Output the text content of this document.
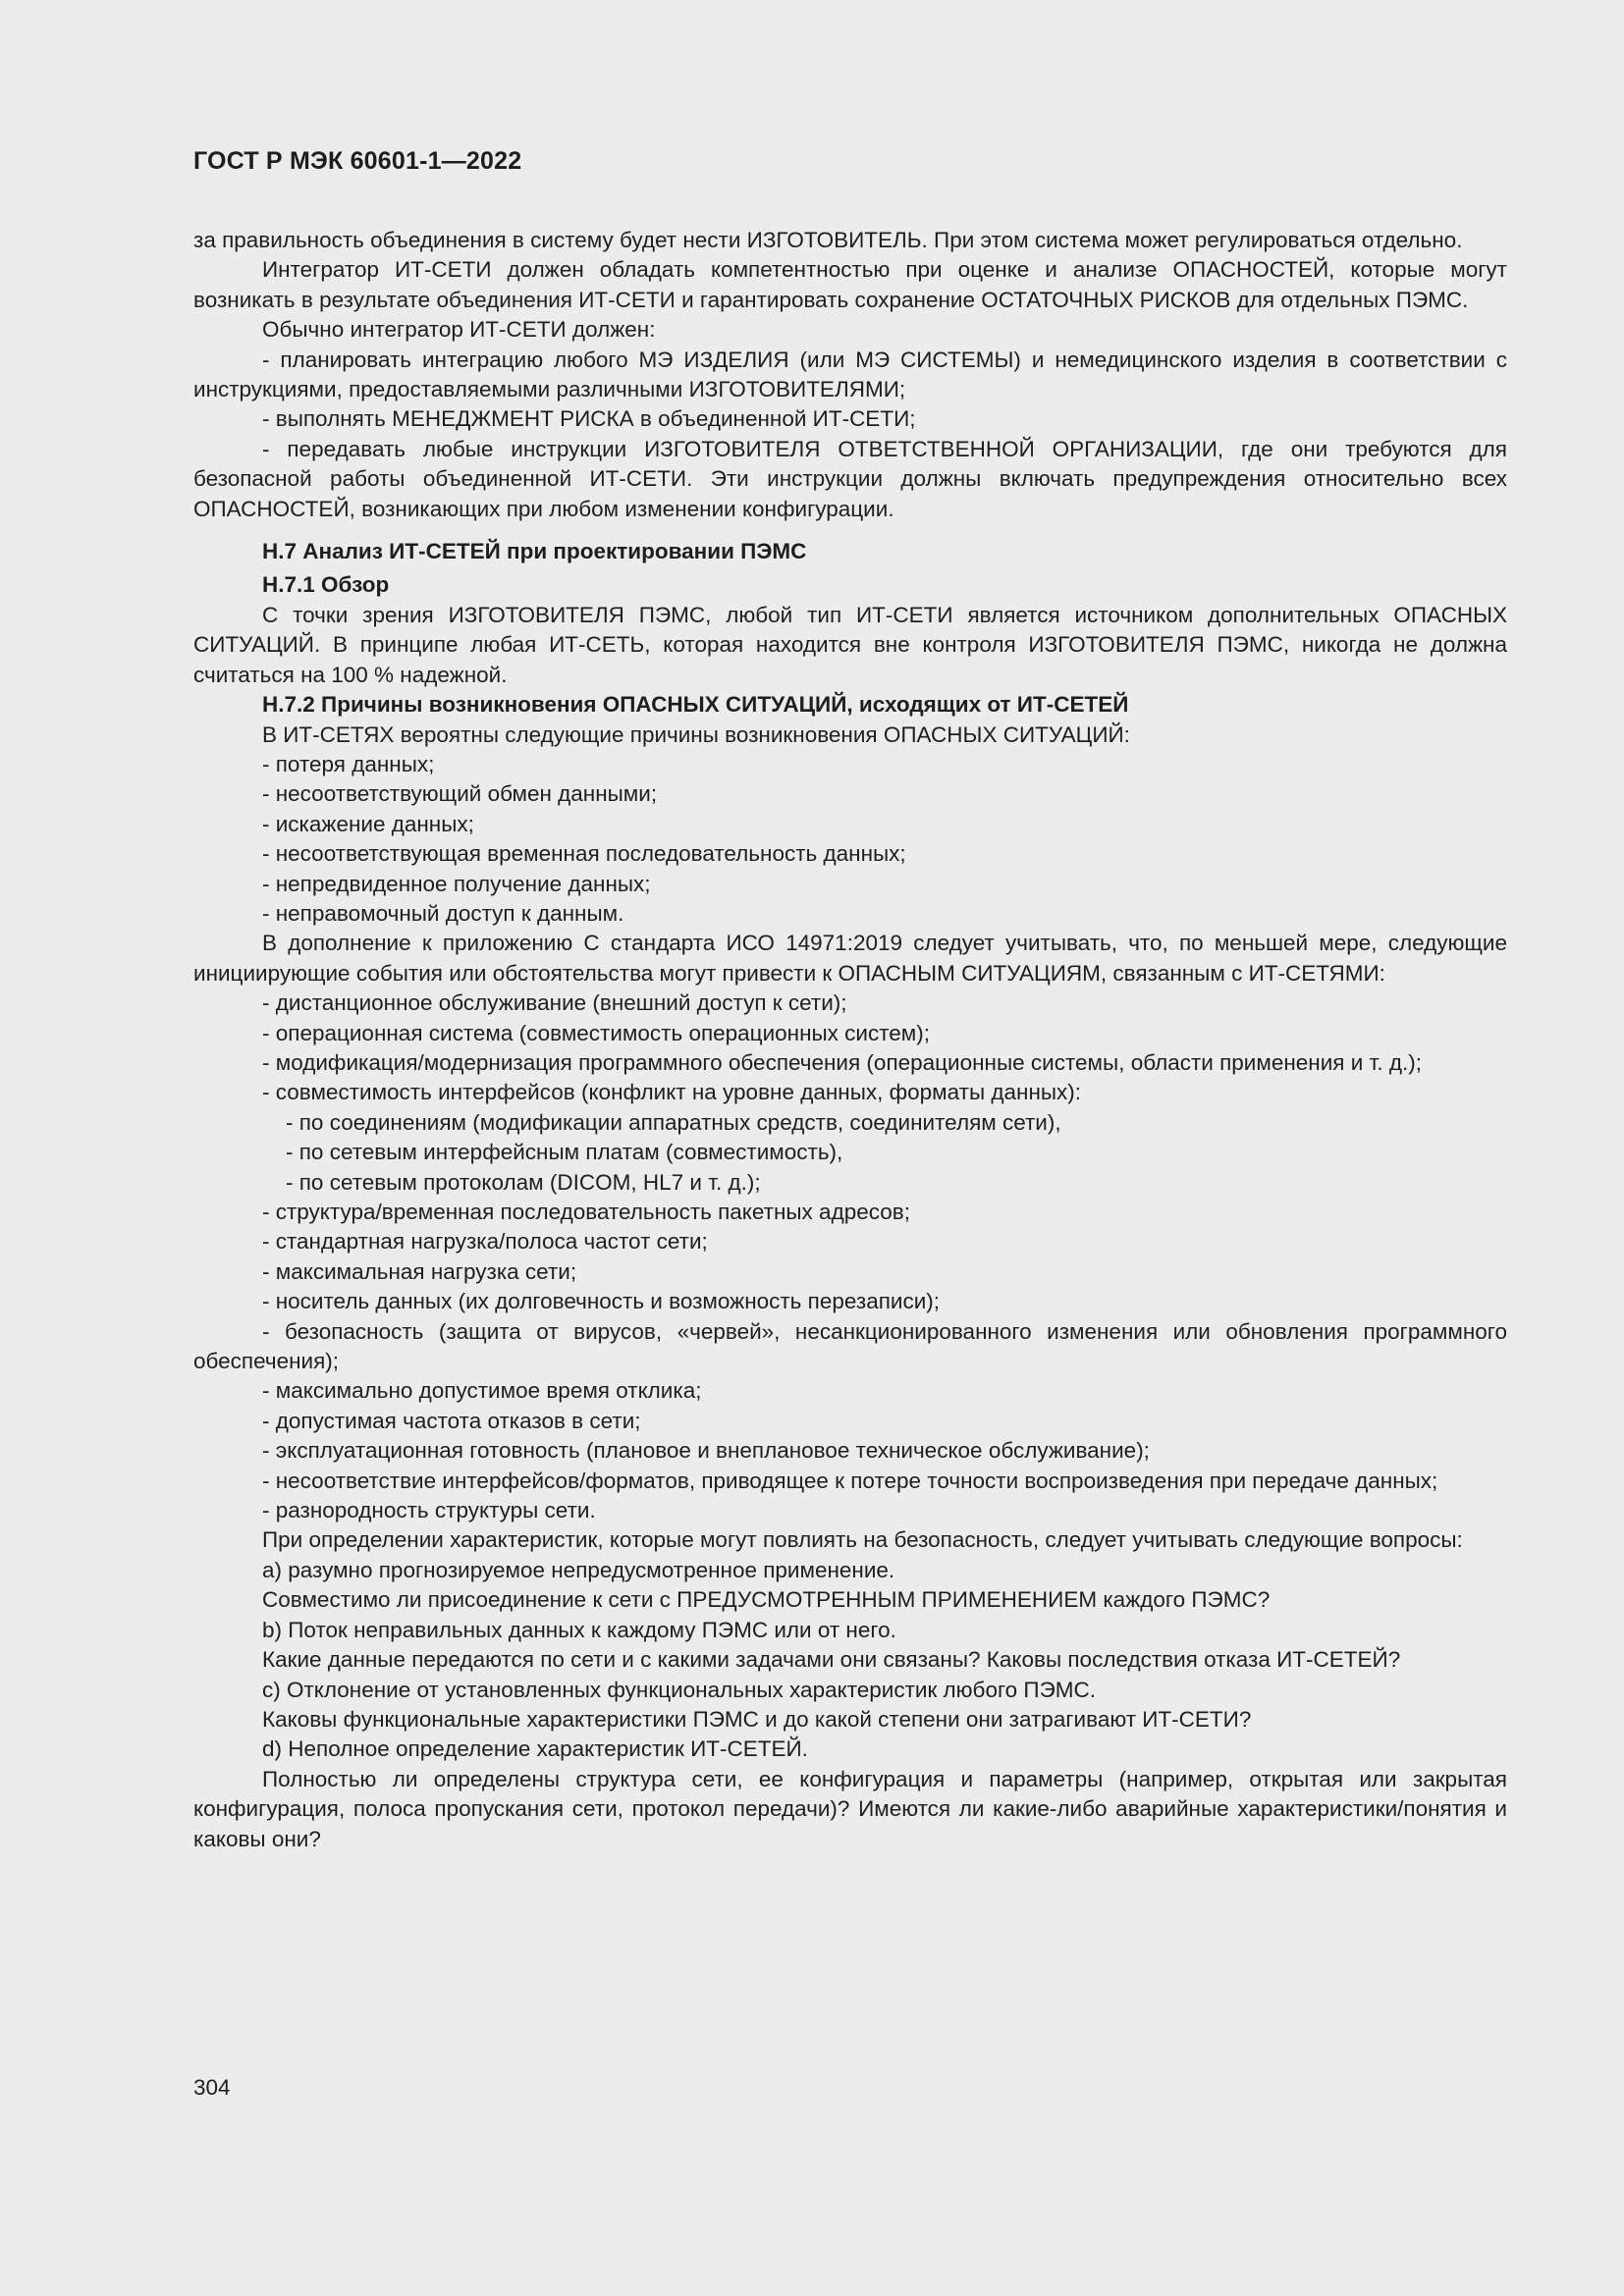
ГОСТ Р МЭК 60601-1—2022

за правильность объединения в систему будет нести ИЗГОТОВИТЕЛЬ. При этом система может регулироваться отдельно.

Интегратор ИТ-СЕТИ должен обладать компетентностью при оценке и анализе ОПАСНОСТЕЙ, которые могут возникать в результате объединения ИТ-СЕТИ и гарантировать сохранение ОСТАТОЧНЫХ РИСКОВ для отдельных ПЭМС.

Обычно интегратор ИТ-СЕТИ должен:

- планировать интеграцию любого МЭ ИЗДЕЛИЯ (или МЭ СИСТЕМЫ) и немедицинского изделия в соответствии с инструкциями, предоставляемыми различными ИЗГОТОВИТЕЛЯМИ;

- выполнять МЕНЕДЖМЕНТ РИСКА в объединенной ИТ-СЕТИ;

- передавать любые инструкции ИЗГОТОВИТЕЛЯ ОТВЕТСТВЕННОЙ ОРГАНИЗАЦИИ, где они требуются для безопасной работы объединенной ИТ-СЕТИ. Эти инструкции должны включать предупреждения относительно всех ОПАСНОСТЕЙ, возникающих при любом изменении конфигурации.

H.7 Анализ ИТ-СЕТЕЙ при проектировании ПЭМС

H.7.1 Обзор

С точки зрения ИЗГОТОВИТЕЛЯ ПЭМС, любой тип ИТ-СЕТИ является источником дополнительных ОПАСНЫХ СИТУАЦИЙ. В принципе любая ИТ-СЕТЬ, которая находится вне контроля ИЗГОТОВИТЕЛЯ ПЭМС, никогда не должна считаться на 100 % надежной.

H.7.2 Причины возникновения ОПАСНЫХ СИТУАЦИЙ, исходящих от ИТ-СЕТЕЙ

В ИТ-СЕТЯХ вероятны следующие причины возникновения ОПАСНЫХ СИТУАЦИЙ:

- потеря данных;

- несоответствующий обмен данными;

- искажение данных;

- несоответствующая временная последовательность данных;

- непредвиденное получение данных;

- неправомочный доступ к данным.

В дополнение к приложению C стандарта ИСО 14971:2019 следует учитывать, что, по меньшей мере, следующие инициирующие события или обстоятельства могут привести к ОПАСНЫМ СИТУАЦИЯМ, связанным с ИТ-СЕТЯМИ:

- дистанционное обслуживание (внешний доступ к сети);

- операционная система (совместимость операционных систем);

- модификация/модернизация программного обеспечения (операционные системы, области применения и т. д.);

- совместимость интерфейсов (конфликт на уровне данных, форматы данных):

- по соединениям (модификации аппаратных средств, соединителям сети),

- по сетевым интерфейсным платам (совместимость),

- по сетевым протоколам (DICOM, HL7 и т. д.);

- структура/временная последовательность пакетных адресов;

- стандартная нагрузка/полоса частот сети;

- максимальная нагрузка сети;

- носитель данных (их долговечность и возможность перезаписи);

- безопасность (защита от вирусов, «червей», несанкционированного изменения или обновления программного обеспечения);

- максимально допустимое время отклика;

- допустимая частота отказов в сети;

- эксплуатационная готовность (плановое и внеплановое техническое обслуживание);

- несоответствие интерфейсов/форматов, приводящее к потере точности воспроизведения при передаче данных;

- разнородность структуры сети.

При определении характеристик, которые могут повлиять на безопасность, следует учитывать следующие вопросы:

a) разумно прогнозируемое непредусмотренное применение.

Совместимо ли присоединение к сети с ПРЕДУСМОТРЕННЫМ ПРИМЕНЕНИЕМ каждого ПЭМС?

b) Поток неправильных данных к каждому ПЭМС или от него.

Какие данные передаются по сети и с какими задачами они связаны? Каковы последствия отказа ИТ-СЕТЕЙ?

c) Отклонение от установленных функциональных характеристик любого ПЭМС.

Каковы функциональные характеристики ПЭМС и до какой степени они затрагивают ИТ-СЕТИ?

d) Неполное определение характеристик ИТ-СЕТЕЙ.

Полностью ли определены структура сети, ее конфигурация и параметры (например, открытая или закрытая конфигурация, полоса пропускания сети, протокол передачи)? Имеются ли какие-либо аварийные характеристики/понятия и каковы они?

304
